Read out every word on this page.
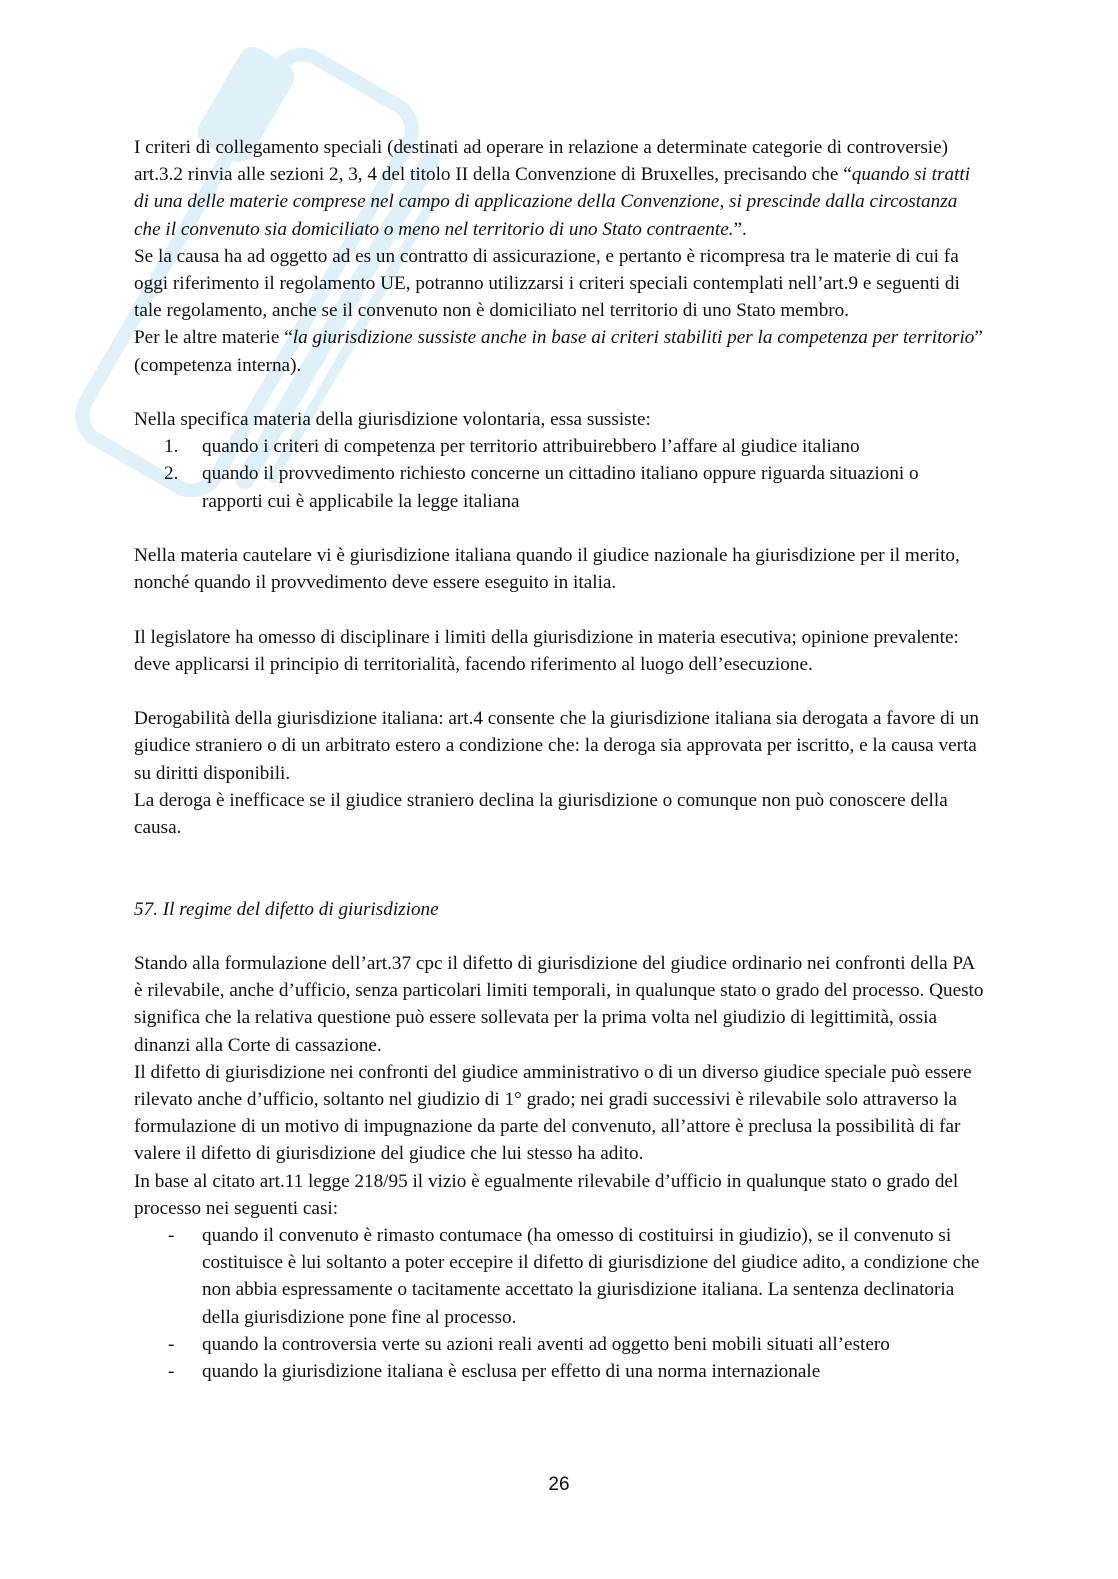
I criteri di collegamento speciali (destinati ad operare in relazione a determinate categorie di controversie) art.3.2 rinvia alle sezioni 2, 3, 4 del titolo II della Convenzione di Bruxelles, precisando che “quando si tratti di una delle materie comprese nel campo di applicazione della Convenzione, si prescinde dalla circostanza che il convenuto sia domiciliato o meno nel territorio di uno Stato contraente.”.

Se la causa ha ad oggetto ad es un contratto di assicurazione, e pertanto è ricompresa tra le materie di cui fa oggi riferimento il regolamento UE, potranno utilizzarsi i criteri speciali contemplati nell’art.9 e seguenti di tale regolamento, anche se il convenuto non è domiciliato nel territorio di uno Stato membro.

Per le altre materie “la giurisdizione sussiste anche in base ai criteri stabiliti per la competenza per territorio” (competenza interna).

Nella specifica materia della giurisdizione volontaria, essa sussiste:

1. quando i criteri di competenza per territorio attribuirebbero l’affare al giudice italiano
2. quando il provvedimento richiesto concerne un cittadino italiano oppure riguarda situazioni o rapporti cui è applicabile la legge italiana

Nella materia cautelare vi è giurisdizione italiana quando il giudice nazionale ha giurisdizione per il merito, nonché quando il provvedimento deve essere eseguito in italia.

Il legislatore ha omesso di disciplinare i limiti della giurisdizione in materia esecutiva; opinione prevalente: deve applicarsi il principio di territorialità, facendo riferimento al luogo dell’esecuzione.

Derogabilità della giurisdizione italiana: art.4 consente che la giurisdizione italiana sia derogata a favore di un giudice straniero o di un arbitrato estero a condizione che: la deroga sia approvata per iscritto, e la causa verta su diritti disponibili.

La deroga è inefficace se il giudice straniero declina la giurisdizione o comunque non può conoscere della causa.

57. Il regime del difetto di giurisdizione

Stando alla formulazione dell’art.37 cpc il difetto di giurisdizione del giudice ordinario nei confronti della PA è rilevabile, anche d’ufficio, senza particolari limiti temporali, in qualunque stato o grado del processo. Questo significa che la relativa questione può essere sollevata per la prima volta nel giudizio di legittimità, ossia dinanzi alla Corte di cassazione.

Il difetto di giurisdizione nei confronti del giudice amministrativo o di un diverso giudice speciale può essere rilevato anche d’ufficio, soltanto nel giudizio di 1° grado; nei gradi successivi è rilevabile solo attraverso la formulazione di un motivo di impugnazione da parte del convenuto, all’attore è preclusa la possibilità di far valere il difetto di giurisdizione del giudice che lui stesso ha adito.

In base al citato art.11 legge 218/95 il vizio è egualmente rilevabile d’ufficio in qualunque stato o grado del processo nei seguenti casi:

- quando il convenuto è rimasto contumace (ha omesso di costituirsi in giudizio), se il convenuto si costituisce è lui soltanto a poter eccepire il difetto di giurisdizione del giudice adito, a condizione che non abbia espressamente o tacitamente accettato la giurisdizione italiana. La sentenza declinatoria della giurisdizione pone fine al processo.
- quando la controversia verte su azioni reali aventi ad oggetto beni mobili situati all’estero
- quando la giurisdizione italiana è esclusa per effetto di una norma internazionale
26
